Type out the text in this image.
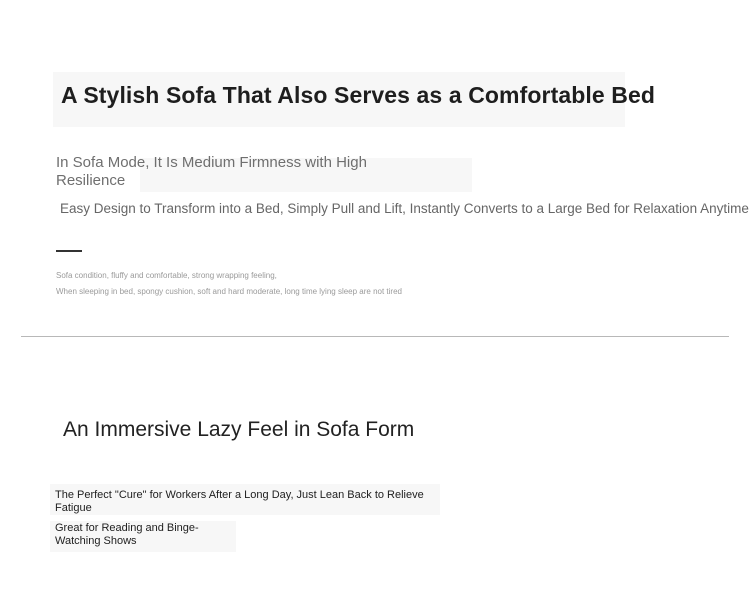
A Stylish Sofa That Also Serves as a Comfortable Bed
In Sofa Mode, It Is Medium Firmness with High Resilience
Easy Design to Transform into a Bed, Simply Pull and Lift, Instantly Converts to a Large Bed for Relaxation Anytime
Sofa condition, fluffy and comfortable, strong wrapping feeling,
When sleeping in bed, spongy cushion, soft and hard moderate, long time lying sleep are not tired
An Immersive Lazy Feel in Sofa Form
The Perfect "Cure" for Workers After a Long Day, Just Lean Back to Relieve Fatigue
Great for Reading and Binge-Watching Shows
